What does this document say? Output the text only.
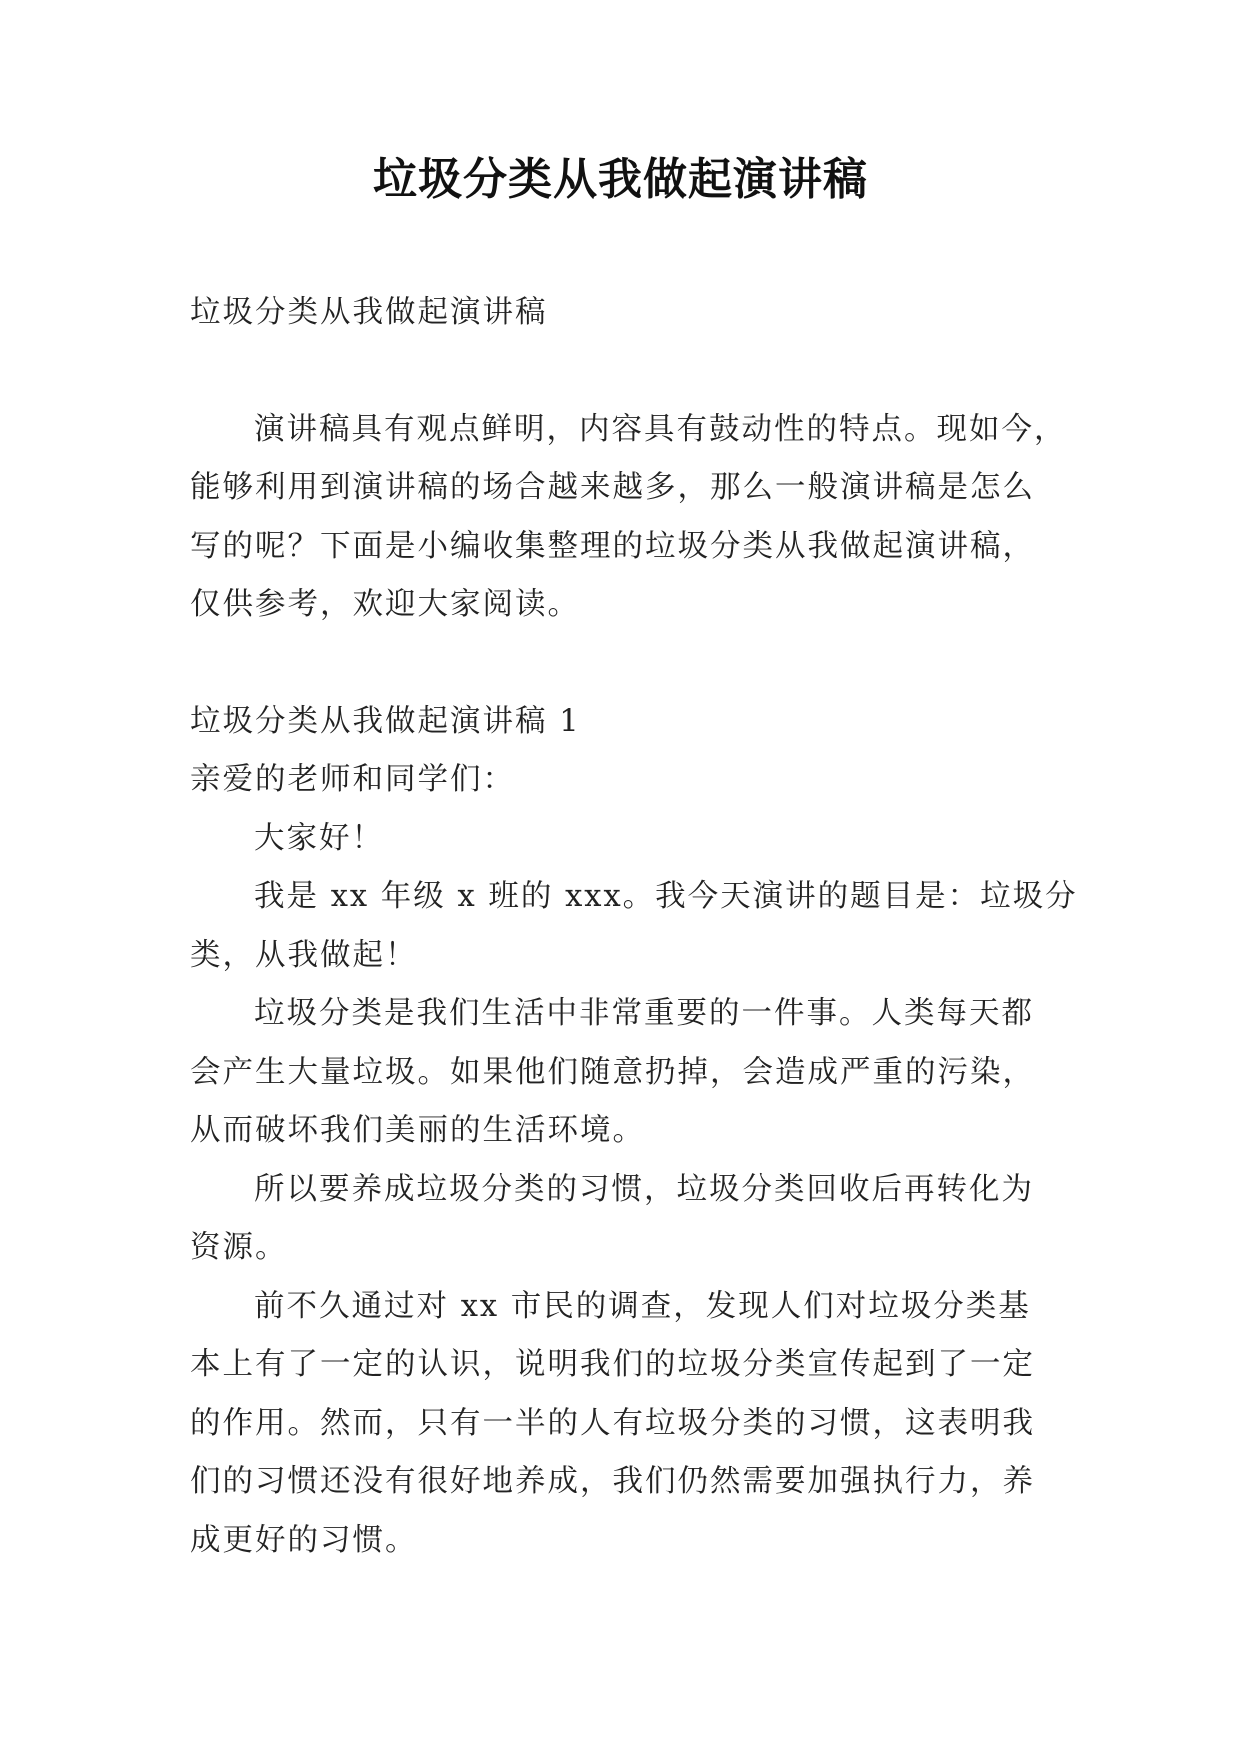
垃圾分类从我做起演讲稿
垃圾分类从我做起演讲稿
演讲稿具有观点鲜明，内容具有鼓动性的特点。现如今，
能够利用到演讲稿的场合越来越多，那么一般演讲稿是怎么
写的呢？下面是小编收集整理的垃圾分类从我做起演讲稿，
仅供参考，欢迎大家阅读。
垃圾分类从我做起演讲稿 1
亲爱的老师和同学们：
大家好！
我是 xx 年级 x 班的 xxx。我今天演讲的题目是：垃圾分
类，从我做起！
垃圾分类是我们生活中非常重要的一件事。人类每天都
会产生大量垃圾。如果他们随意扔掉，会造成严重的污染，
从而破坏我们美丽的生活环境。
所以要养成垃圾分类的习惯，垃圾分类回收后再转化为
资源。
前不久通过对 xx 市民的调查，发现人们对垃圾分类基
本上有了一定的认识，说明我们的垃圾分类宣传起到了一定
的作用。然而，只有一半的人有垃圾分类的习惯，这表明我
们的习惯还没有很好地养成，我们仍然需要加强执行力，养
成更好的习惯。
